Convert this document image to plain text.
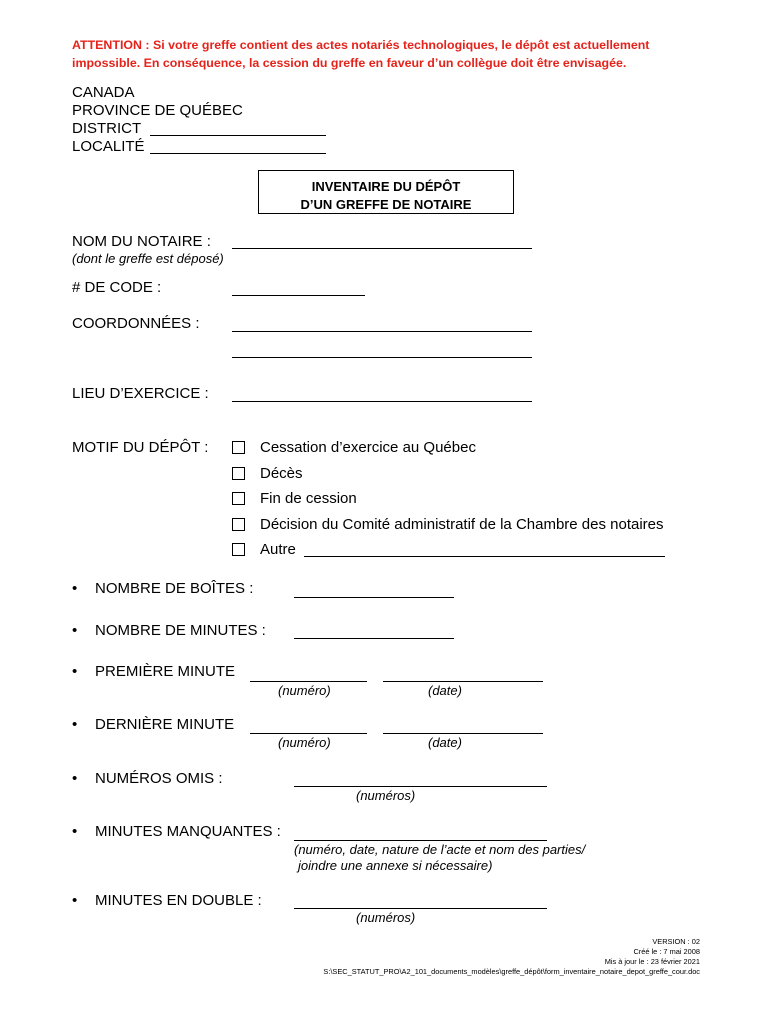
ATTENTION : Si votre greffe contient des actes notariés technologiques, le dépôt est actuellement
impossible. En conséquence, la cession du greffe en faveur d’un collègue doit être envisagée.
CANADA
PROVINCE DE QUÉBEC
DISTRICT
LOCALITÉ
INVENTAIRE DU DÉPÔT
D’UN GREFFE DE NOTAIRE
NOM DU NOTAIRE :
(dont le greffe est déposé)
# DE CODE :
COORDONNÉES :
LIEU D’EXERCICE :
MOTIF DU DÉPÔT :	Cessation d’exercice au Québec
Décès
Fin de cession
Décision du Comité administratif de la Chambre des notaires
Autre
• NOMBRE DE BOÎTES :
• NOMBRE DE MINUTES :
• PREMIÈRE MINUTE
(numéro)	(date)
• DERNIÈRE MINUTE
(numéro)	(date)
• NUMÉROS OMIS :
(numéros)
• MINUTES MANQUANTES :
(numéro, date, nature de l’acte et nom des parties/
joindre une annexe si nécessaire)
• MINUTES EN DOUBLE :
(numéros)
VERSION : 02
Créé le : 7 mai 2008
Mis à jour le : 23 février 2021
S:\SEC_STATUT_PRO\A2_101_documents_modèles\greffe_dépôt\form_inventaire_notaire_depot_greffe_cour.doc
